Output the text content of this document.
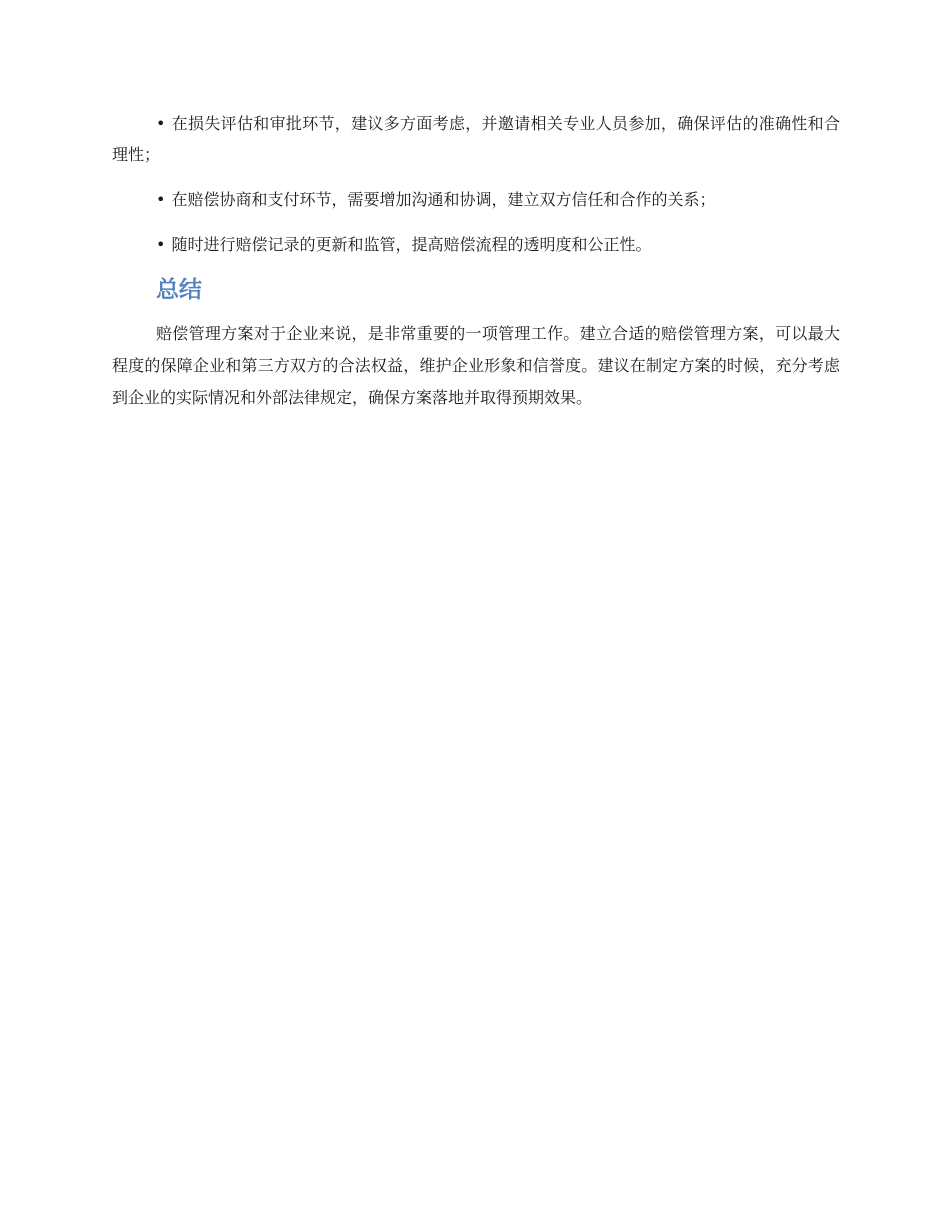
• 在损失评估和审批环节，建议多方面考虑，并邀请相关专业人员参加，确保评估的准确性和合理性；

• 在赔偿协商和支付环节，需要增加沟通和协调，建立双方信任和合作的关系；

• 随时进行赔偿记录的更新和监管，提高赔偿流程的透明度和公正性。

总结

赔偿管理方案对于企业来说，是非常重要的一项管理工作。建立合适的赔偿管理方案，可以最大程度的保障企业和第三方双方的合法权益，维护企业形象和信誉度。建议在制定方案的时候，充分考虑到企业的实际情况和外部法律规定，确保方案落地并取得预期效果。
